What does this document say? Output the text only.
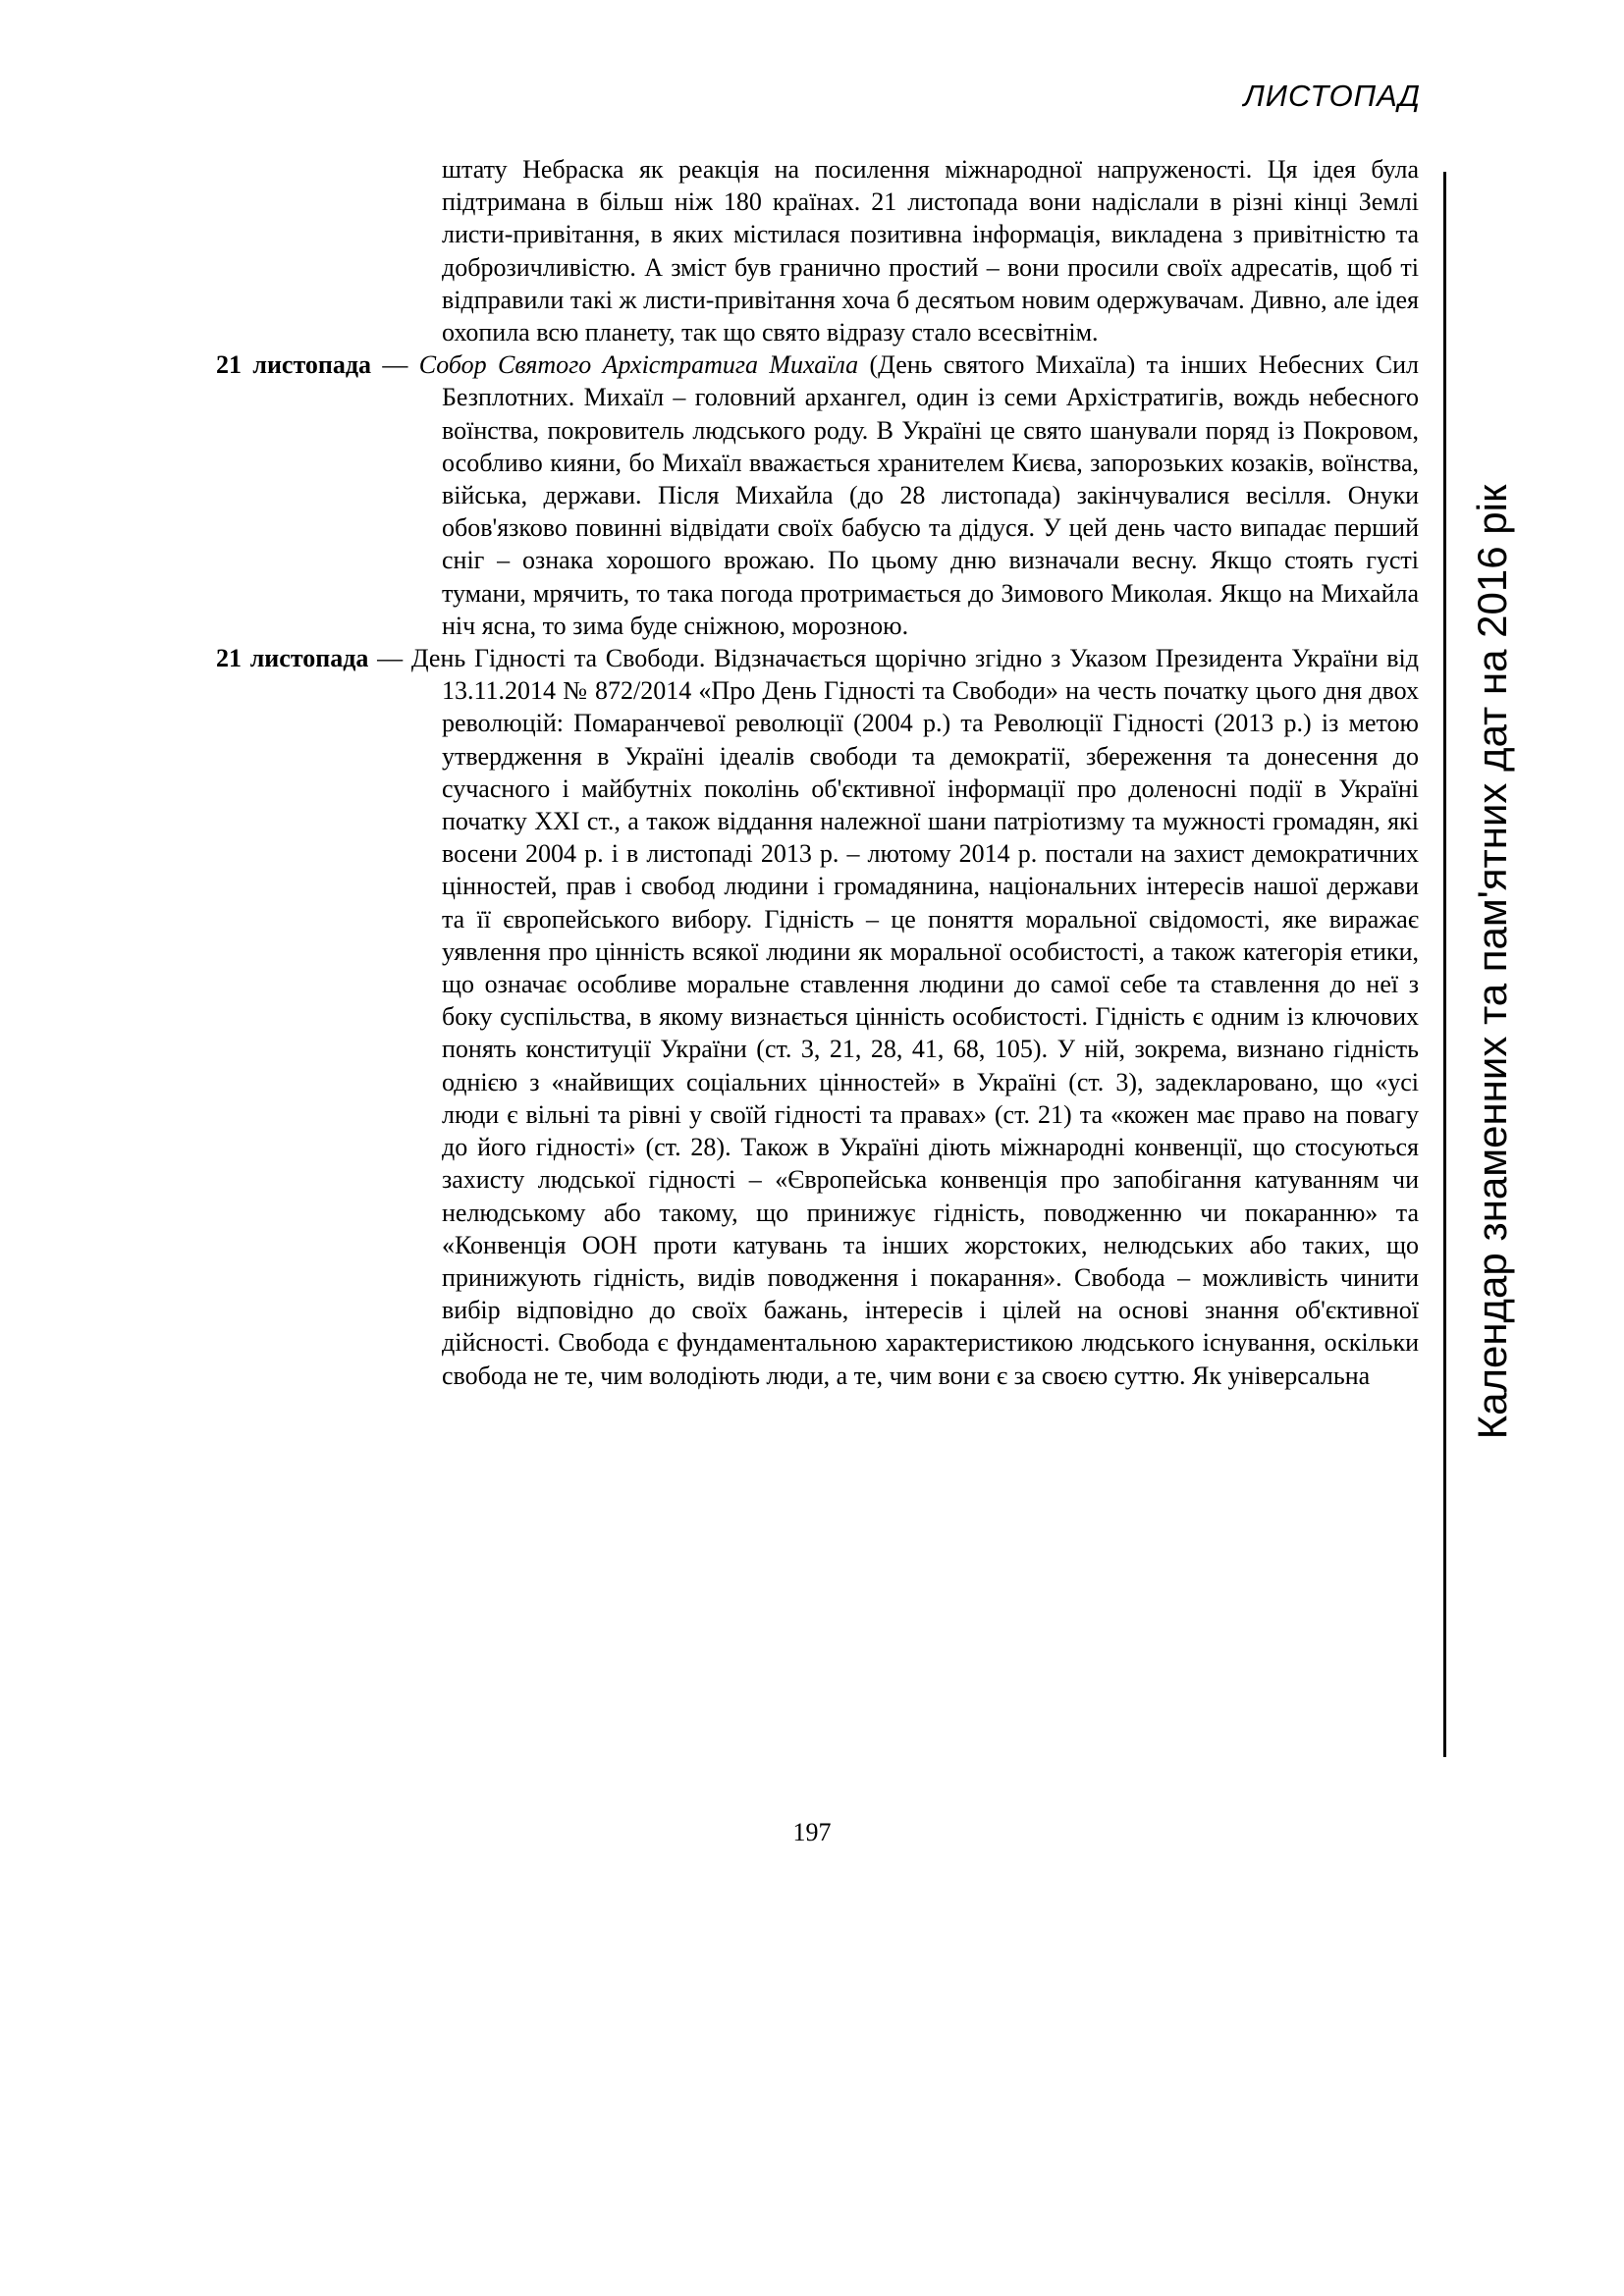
ЛИСТОПАД
Календар знаменних та пам'ятних дат на 2016 рік

штату Небраска як реакція на посилення міжнародної напруженості. Ця ідея була підтримана в більш ніж 180 країнах. 21 листопада вони надіслали в різні кінці Землі листи-привітання, в яких містилася позитивна інформація, викладена з привітністю та доброзичливістю. А зміст був гранично простий – вони просили своїх адресатів, щоб ті відправили такі ж листи-привітання хоча б десятьом новим одержувачам. Дивно, але ідея охопила всю планету, так що свято відразу стало всесвітнім.

21 листопада — Собор Святого Архістратига Михаїла (День святого Михаїла) та інших Небесних Сил Безплотних. Михаїл – головний архангел, один із семи Архістратигів, вождь небесного воїнства, покровитель людського роду. В Україні це свято шанували поряд із Покровом, особливо кияни, бо Михаїл вважається хранителем Києва, запорозьких козаків, воїнства, війська, держави. Після Михайла (до 28 листопада) закінчувалися весілля. Онуки обов'язково повинні відвідати своїх бабусю та дідуся. У цей день часто випадає перший сніг – ознака хорошого врожаю. По цьому дню визначали весну. Якщо стоять густі тумани, мрячить, то така погода протримається до Зимового Миколая. Якщо на Михайла ніч ясна, то зима буде сніжною, морозною.

21 листопада — День Гідності та Свободи. Відзначається щорічно згідно з Указом Президента України від 13.11.2014 № 872/2014 «Про День Гідності та Свободи» на честь початку цього дня двох революцій: Помаранчевої революції (2004 р.) та Революції Гідності (2013 р.) із метою утвердження в Україні ідеалів свободи та демократії, збереження та донесення до сучасного і майбутніх поколінь об'єктивної інформації про доленосні події в Україні початку XXI ст., а також віддання належної шани патріотизму та мужності громадян, які восени 2004 р. і в листопаді 2013 р. – лютому 2014 р. постали на захист демократичних цінностей, прав і свобод людини і громадянина, національних інтересів нашої держави та її європейського вибору. Гідність – це поняття моральної свідомості, яке виражає уявлення про цінність всякої людини як моральної особистості, а також категорія етики, що означає особливе моральне ставлення людини до самої себе та ставлення до неї з боку суспільства, в якому визнається цінність особистості. Гідність є одним із ключових понять конституції України (ст. 3, 21, 28, 41, 68, 105). У ній, зокрема, визнано гідність однією з «найвищих соціальних цінностей» в Україні (ст. 3), задекларовано, що «усі люди є вільні та рівні у своїй гідності та правах» (ст. 21) та «кожен має право на повагу до його гідності» (ст. 28). Також в Україні діють міжнародні конвенції, що стосуються захисту людської гідності – «Європейська конвенція про запобігання катуванням чи нелюдському або такому, що принижує гідність, поводженню чи покаранню» та «Конвенція ООН проти катувань та інших жорстоких, нелюдських або таких, що принижують гідність, видів поводження і покарання». Свобода – можливість чинити вибір відповідно до своїх бажань, інтересів і цілей на основі знання об'єктивної дійсності. Свобода є фундаментальною характеристикою людського існування, оскільки свобода не те, чим володіють люди, а те, чим вони є за своєю суттю. Як універсальна

197
